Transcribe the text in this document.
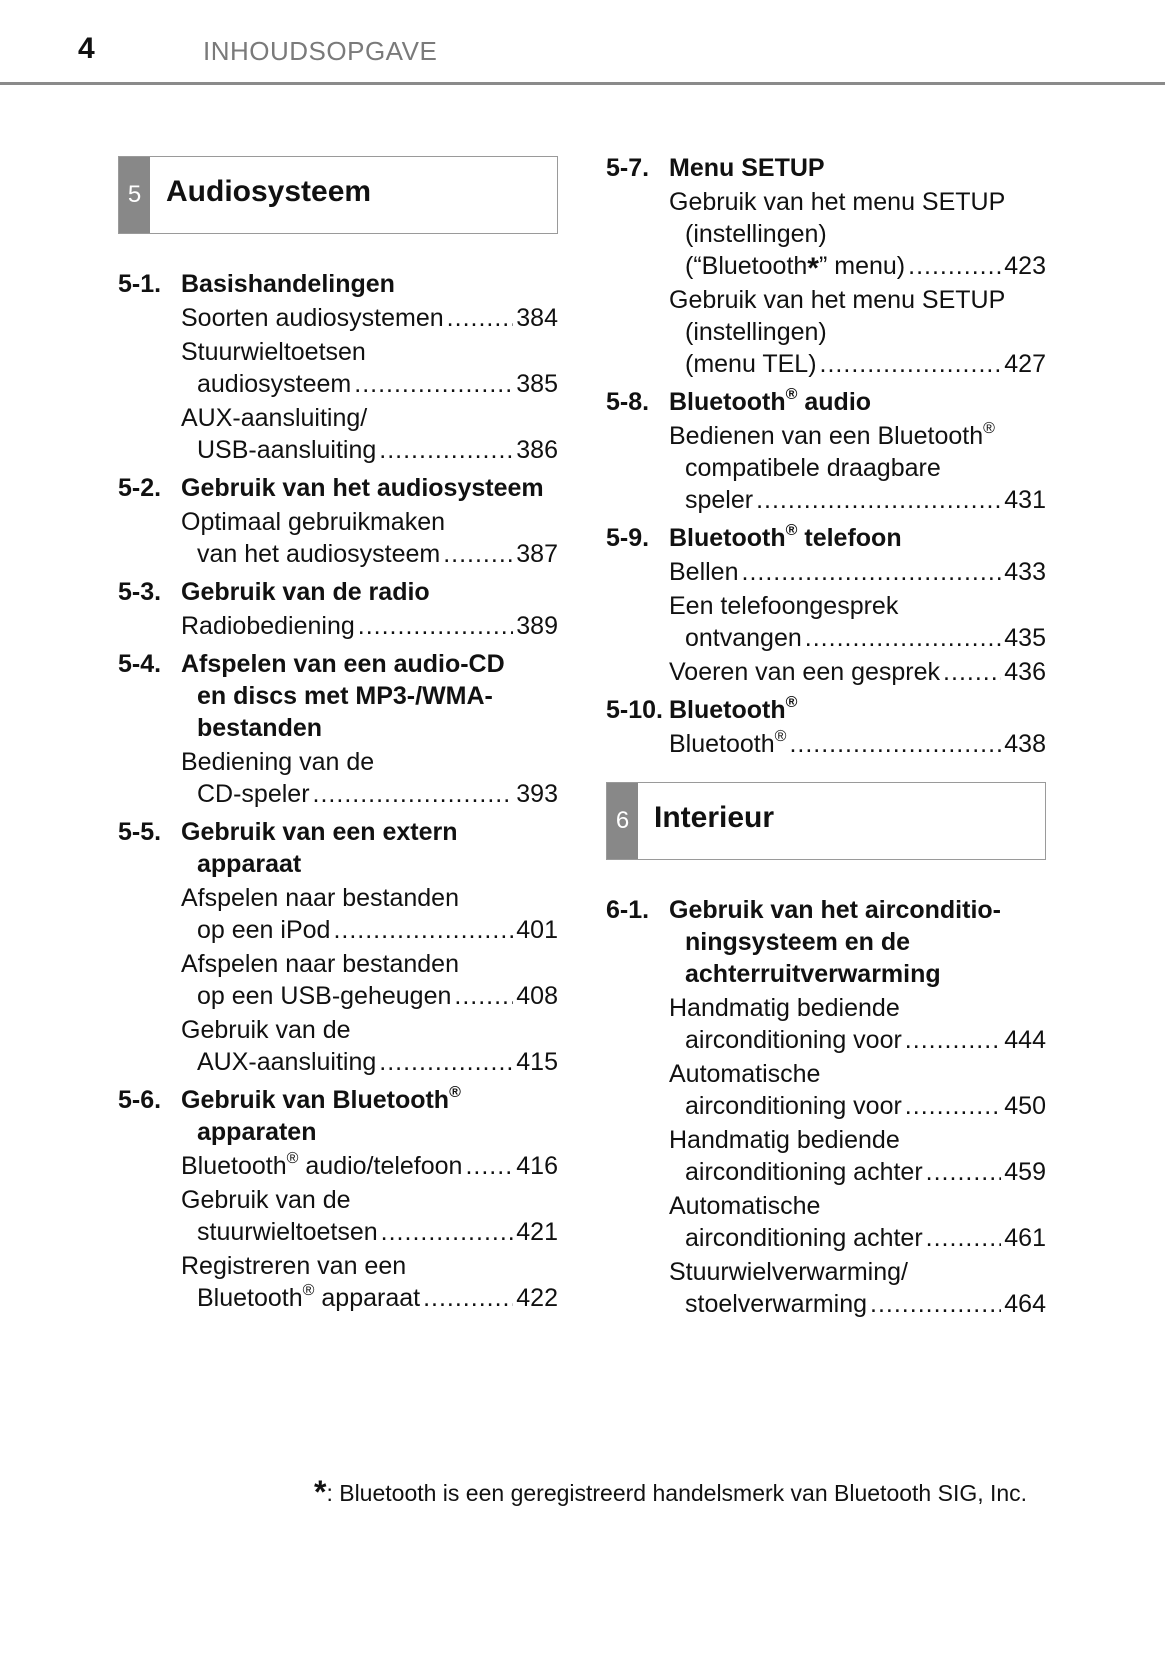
4	INHOUDSOPGAVE
5 Audiosysteem
5-1. Basishandelingen
Soorten audiosystemen .....	384
Stuurwieltoetsen
audiosysteem .....	385
AUX-aansluiting/
USB-aansluiting .....	386
5-2. Gebruik van het audiosysteem
Optimaal gebruikmaken
van het audiosysteem .....	387
5-3. Gebruik van de radio
Radiobediening .....	389
5-4. Afspelen van een audio-CD
en discs met MP3-/WMA-
bestanden
Bediening van de
CD-speler .....	393
5-5. Gebruik van een extern
apparaat
Afspelen naar bestanden
op een iPod .....	401
Afspelen naar bestanden
op een USB-geheugen .....	408
Gebruik van de
AUX-aansluiting .....	415
5-6. Gebruik van Bluetooth®
apparaten
Bluetooth® audio/telefoon ..... 416
Gebruik van de
stuurwieltoetsen .....	421
Registreren van een
Bluetooth® apparaat .....	422
5-7. Menu SETUP
Gebruik van het menu SETUP
(instellingen)
(“Bluetooth*” menu) .....	423
Gebruik van het menu SETUP
(instellingen)
(menu TEL) .....	427
5-8. Bluetooth® audio
Bedienen van een Bluetooth®
compatibele draagbare
speler .....	431
5-9. Bluetooth® telefoon
Bellen .....	433
Een telefoongesprek
ontvangen .....	435
Voeren van een gesprek .....	436
5-10. Bluetooth®
Bluetooth® .....	438
6 Interieur
6-1. Gebruik van het airconditio-
ningsysteem en de
achterruitverwarming
Handmatig bediende
airconditioning voor .....	444
Automatische
airconditioning voor .....	450
Handmatig bediende
airconditioning achter .....	459
Automatische
airconditioning achter .....	461
Stuurwielverwarming/
stoelverwarming .....	464
*: Bluetooth is een geregistreerd handelsmerk van Bluetooth SIG, Inc.
